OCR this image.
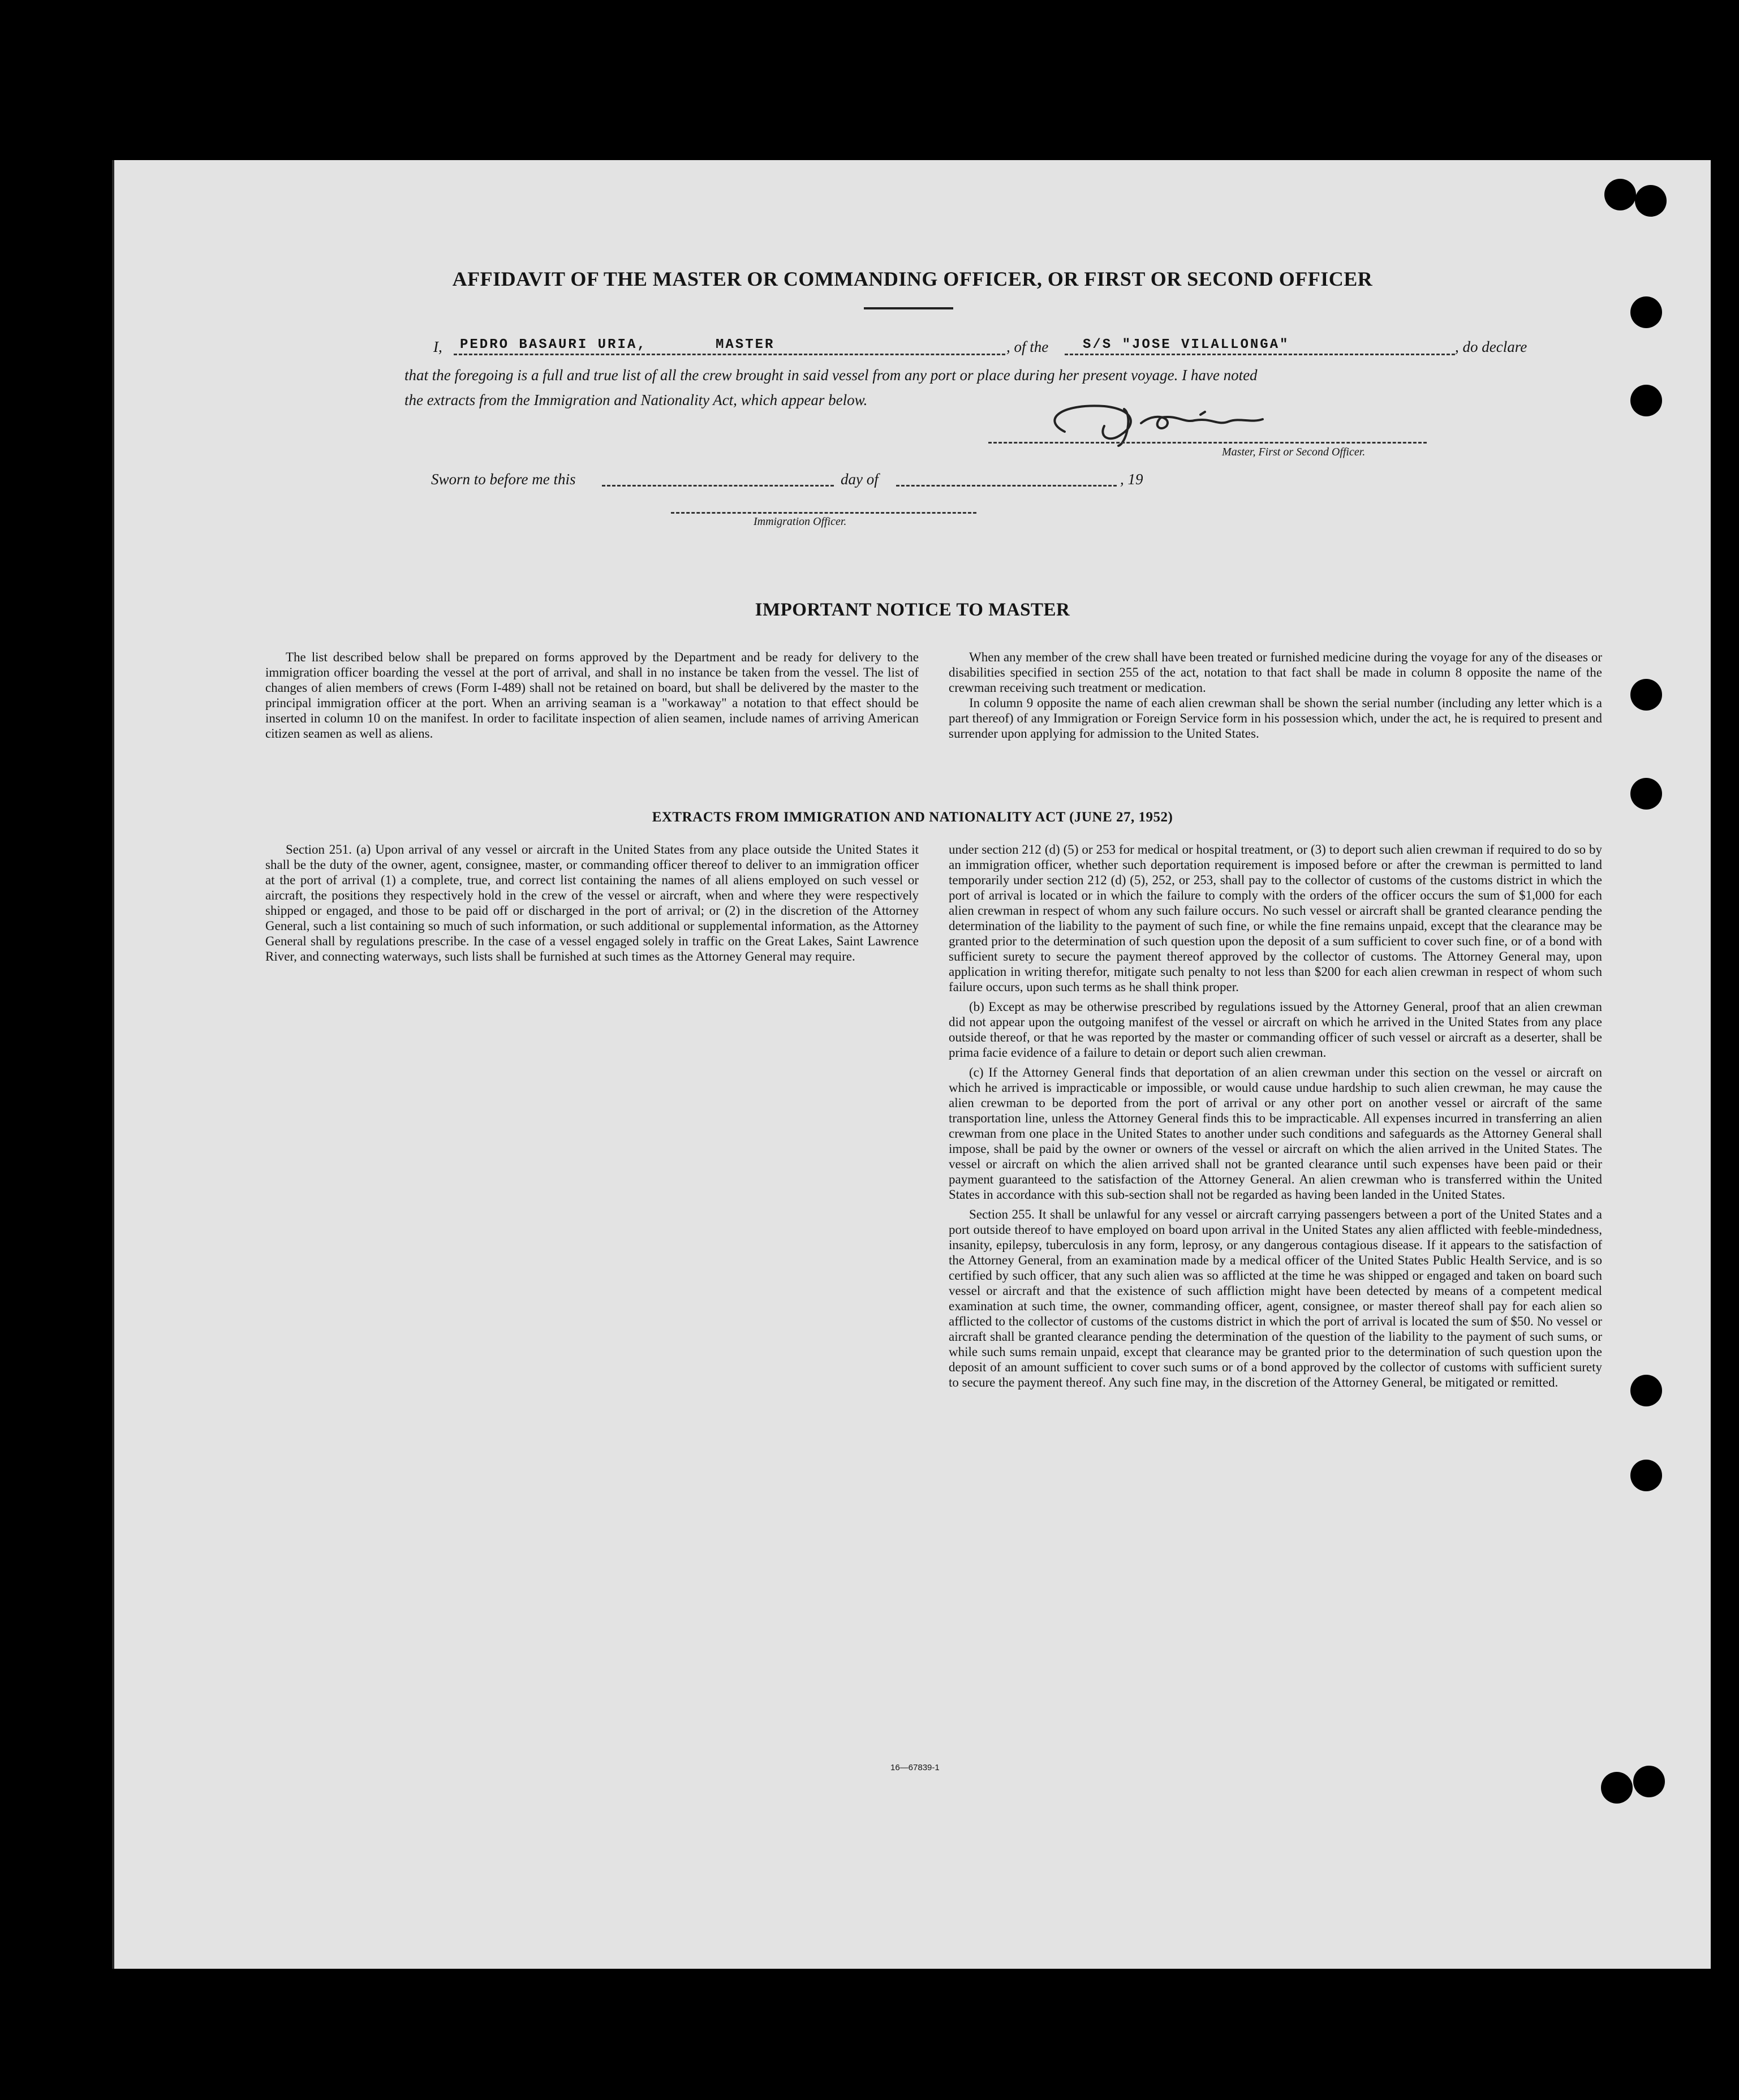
AFFIDAVIT OF THE MASTER OR COMMANDING OFFICER, OR FIRST OR SECOND OFFICER
I, PEDRO BASAURI URIA,	MASTER	, of the	S/S "JOSE VILALLONGA"	, do declare
that the foregoing is a full and true list of all the crew brought in said vessel from any port or place during her present voyage. I have noted
the extracts from the Immigration and Nationality Act, which appear below.
Master, First or Second Officer.
Sworn to before me this	day of	, 19
Immigration Officer.
IMPORTANT NOTICE TO MASTER

The list described below shall be prepared on forms approved by the Department and be ready for delivery to the immigration officer boarding the vessel at the port of arrival, and shall in no instance be taken from the vessel. The list of changes of alien members of crews (Form I-489) shall not be retained on board, but shall be delivered by the master to the principal immigration officer at the port. When an arriving seaman is a "workaway" a notation to that effect should be inserted in column 10 on the manifest. In order to facilitate inspection of alien seamen, include names of arriving American citizen seamen as well as aliens.

When any member of the crew shall have been treated or furnished medicine during the voyage for any of the diseases or disabilities specified in section 255 of the act, notation to that fact shall be made in column 8 opposite the name of the crewman receiving such treatment or medication.

In column 9 opposite the name of each alien crewman shall be shown the serial number (including any letter which is a part thereof) of any Immigration or Foreign Service form in his possession which, under the act, he is required to present and surrender upon applying for admission to the United States.

EXTRACTS FROM IMMIGRATION AND NATIONALITY ACT (JUNE 27, 1952)

Section 251. (a) Upon arrival of any vessel or aircraft in the United States from any place outside the United States it shall be the duty of the owner, agent, consignee, master, or commanding officer thereof to deliver to an immigration officer at the port of arrival (1) a complete, true, and correct list containing the names of all aliens employed on such vessel or aircraft, the positions they respectively hold in the crew of the vessel or aircraft, when and where they were respectively shipped or engaged, and those to be paid off or discharged in the port of arrival; or (2) in the discretion of the Attorney General, such a list containing so much of such information, or such additional or supplemental information, as the Attorney General shall by regulations prescribe. In the case of a vessel engaged solely in traffic on the Great Lakes, Saint Lawrence River, and connecting waterways, such lists shall be furnished at such times as the Attorney General may require.

under section 212 (d) (5) or 253 for medical or hospital treatment, or (3) to deport such alien crewman if required to do so by an immigration officer, whether such deportation requirement is imposed before or after the crewman is permitted to land temporarily under section 212 (d) (5), 252, or 253, shall pay to the collector of customs of the customs district in which the port of arrival is located or in which the failure to comply with the orders of the officer occurs the sum of $1,000 for each alien crewman in respect of whom any such failure occurs. No such vessel or aircraft shall be granted clearance pending the determination of the liability to the payment of such fine, or while the fine remains unpaid, except that the clearance may be granted prior to the determination of such question upon the deposit of a sum sufficient to cover such fine, or of a bond with sufficient surety to secure the payment thereof approved by the collector of customs. The Attorney General may, upon application in writing therefor, mitigate such penalty to not less than $200 for each alien crewman in respect of whom such failure occurs, upon such terms as he shall think proper.

(b) Except as may be otherwise prescribed by regulations issued by the Attorney General, proof that an alien crewman did not appear upon the outgoing manifest of the vessel or aircraft on which he arrived in the United States from any place outside thereof, or that he was reported by the master or commanding officer of such vessel or aircraft as a deserter, shall be prima facie evidence of a failure to detain or deport such alien crewman.

(c) If the Attorney General finds that deportation of an alien crewman under this section on the vessel or aircraft on which he arrived is impracticable or impossible, or would cause undue hardship to such alien crewman, he may cause the alien crewman to be deported from the port of arrival or any other port on another vessel or aircraft of the same transportation line, unless the Attorney General finds this to be impracticable. All expenses incurred in transferring an alien crewman from one place in the United States to another under such conditions and safeguards as the Attorney General shall impose, shall be paid by the owner or owners of the vessel or aircraft on which the alien arrived in the United States. The vessel or aircraft on which the alien arrived shall not be granted clearance until such expenses have been paid or their payment guaranteed to the satisfaction of the Attorney General. An alien crewman who is transferred within the United States in accordance with this sub-section shall not be regarded as having been landed in the United States.

Section 255. It shall be unlawful for any vessel or aircraft carrying passengers between a port of the United States and a port outside thereof to have employed on board upon arrival in the United States any alien afflicted with feeble-mindedness, insanity, epilepsy, tuberculosis in any form, leprosy, or any dangerous contagious disease. If it appears to the satisfaction of the Attorney General, from an examination made by a medical officer of the United States Public Health Service, and is so certified by such officer, that any such alien was so afflicted at the time he was shipped or engaged and taken on board such vessel or aircraft and that the existence of such affliction might have been detected by means of a competent medical examination at such time, the owner, commanding officer, agent, consignee, or master thereof shall pay for each alien so afflicted to the collector of customs of the customs district in which the port of arrival is located the sum of $50. No vessel or aircraft shall be granted clearance pending the determination of the question of the liability to the payment of such sums, or while such sums remain unpaid, except that clearance may be granted prior to the determination of such question upon the deposit of an amount sufficient to cover such sums or of a bond approved by the collector of customs with sufficient surety to secure the payment thereof. Any such fine may, in the discretion of the Attorney General, be mitigated or remitted.

16—67839-1
